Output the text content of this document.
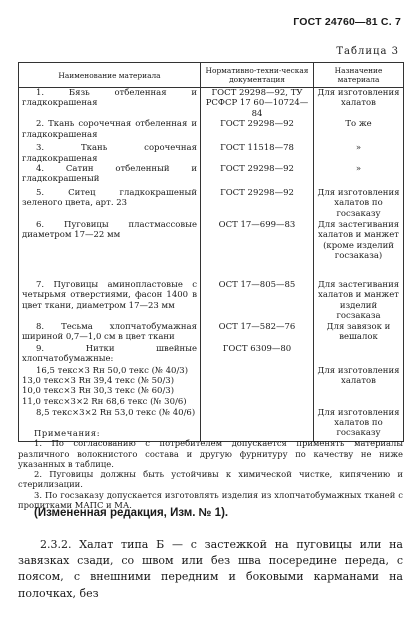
ГОСТ 24760—81 С. 7
Таблица 3
Наименование материала	Нормативно-техни-ческая документация	Назначение материала

1. Бязь отбеленная и гладкокрашеная	ГОСТ 29298—92, ТУ РСФСР 17 60—10724—84	Для изготовления халатов

2. Ткань сорочечная отбеленная и гладкокрашеная	ГОСТ 29298—92	То же

3. Ткань сорочечная гладкокрашеная	ГОСТ 11518—78	»

4. Сатин отбеленный и гладкокрашеный	ГОСТ 29298—92	»

5. Ситец гладкокрашеный зеленого цвета, арт. 23	ГОСТ 29298—92	Для изготовления халатов по госзаказу

6. Пуговицы пластмассовые диаметром 17—22 мм	ОСТ 17—699—83	Для застегивания халатов и манжет (кроме изделий госзаказа)

7. Пуговицы аминопластовые с четырьмя отверстиями, фасон 1400 в цвет ткани, диаметром 17—23 мм	ОСТ 17—805—85	Для застегивания халатов и манжет изделий госзаказа

8. Тесьма хлопчатобумажная шириной 0,7—1,0 см в цвет ткани	ОСТ 17—582—76	Для завязок и вешалок

9. Нитки швейные хлопчатобумажные:	ГОСТ 6309—80	

16,5 текс×3 Rн 50,0 текс (№ 40/3)
13,0 текс×3 Rн 39,4 текс (№ 50/3)
10,0 текс×3 Rн 30,3 текс (№ 60/3)
11,0 текс×3×2 Rн 68,6 текс (№ 30/6)		Для изготовления халатов

8,5 текс×3×2 Rн 53,0 текс (№ 40/6)		Для изготовления халатов по госзаказу

Примечания:

1. По согласованию с потребителем допускается применять материалы различного волокнистого состава и другую фурнитуру по качеству не ниже указанных в таблице.

2. Пуговицы должны быть устойчивы к химической чистке, кипячению и стерилизации.

3. По госзаказу допускается изготовлять изделия из хлопчатобумажных тканей с пропитками МАПС и МА.

(Измененная редакция, Изм. № 1).

2.3.2. Халат типа Б — с застежкой на пуговицы или на завязках сзади, со швом или без шва посередине переда, с поясом, с внешними передним и боковыми карманами на полочках, без
